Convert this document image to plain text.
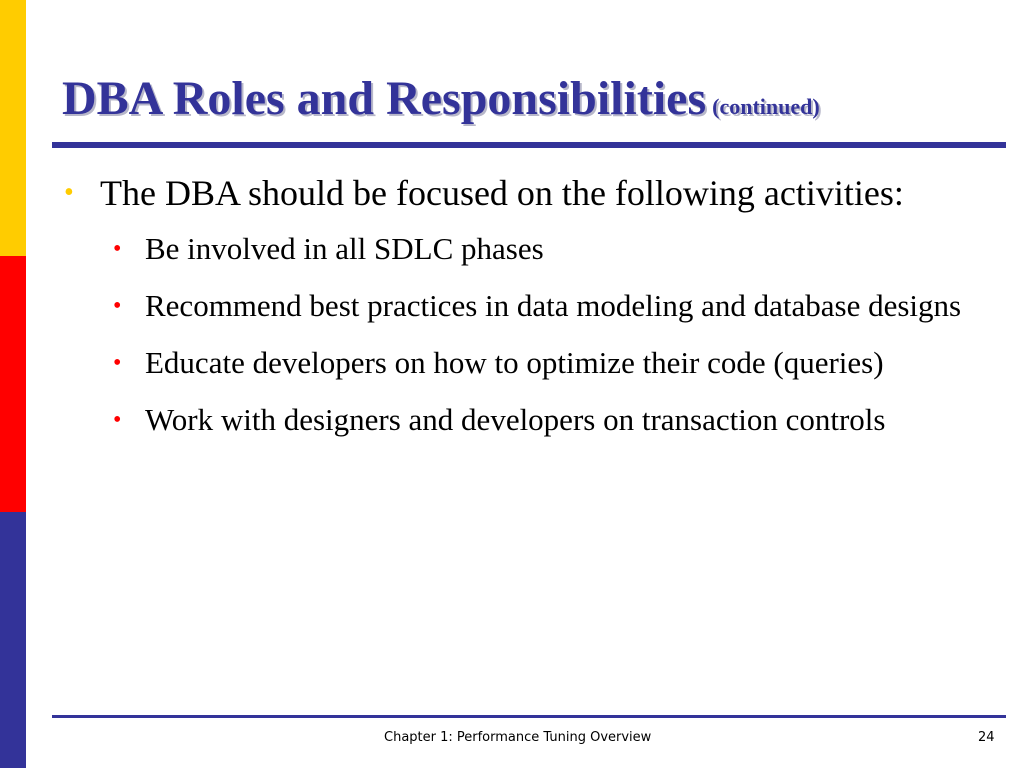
DBA Roles and Responsibilities (continued)
• The DBA should be focused on the following activities:
• Be involved in all SDLC phases
• Recommend best practices in data modeling and database designs
• Educate developers on how to optimize their code (queries)
• Work with designers and developers on transaction controls
Chapter 1: Performance Tuning Overview	24
